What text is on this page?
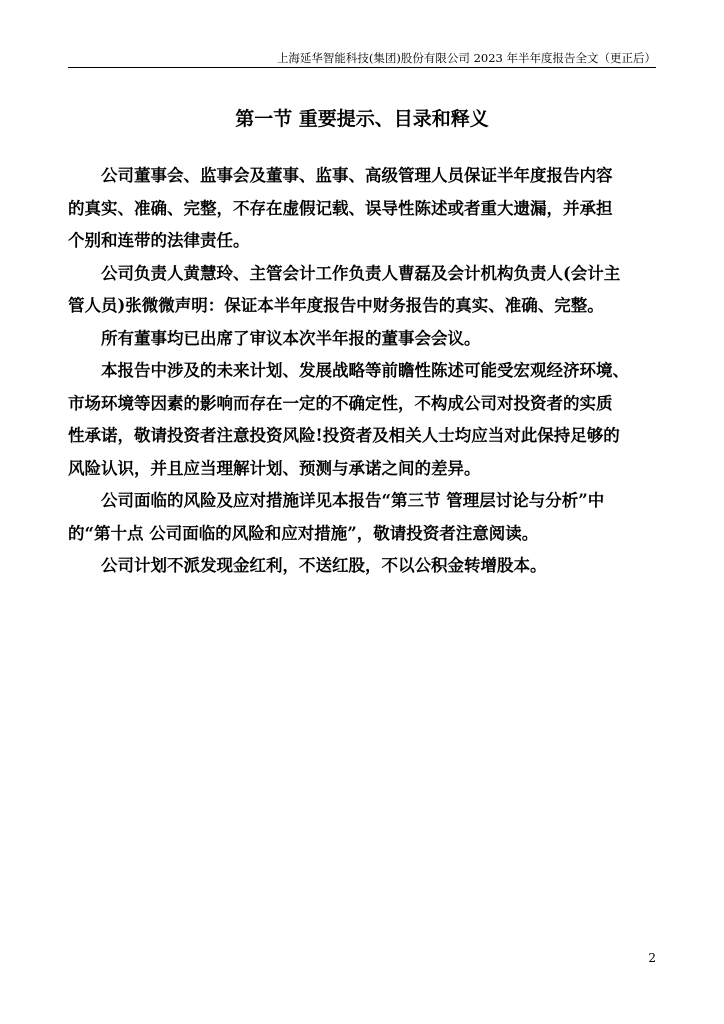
上海延华智能科技(集团)股份有限公司 2023 年半年度报告全文（更正后）
第一节 重要提示、目录和释义
公司董事会、监事会及董事、监事、高级管理人员保证半年度报告内容
的真实、准确、完整，不存在虚假记载、误导性陈述或者重大遗漏，并承担
个别和连带的法律责任。
公司负责人黄慧玲、主管会计工作负责人曹磊及会计机构负责人(会计主
管人员)张微微声明：保证本半年度报告中财务报告的真实、准确、完整。
所有董事均已出席了审议本次半年报的董事会会议。
本报告中涉及的未来计划、发展战略等前瞻性陈述可能受宏观经济环境、
市场环境等因素的影响而存在一定的不确定性，不构成公司对投资者的实质
性承诺，敬请投资者注意投资风险!投资者及相关人士均应当对此保持足够的
风险认识，并且应当理解计划、预测与承诺之间的差异。
公司面临的风险及应对措施详见本报告“第三节 管理层讨论与分析”中
的“第十点 公司面临的风险和应对措施”，敬请投资者注意阅读。
公司计划不派发现金红利，不送红股，不以公积金转增股本。
2
